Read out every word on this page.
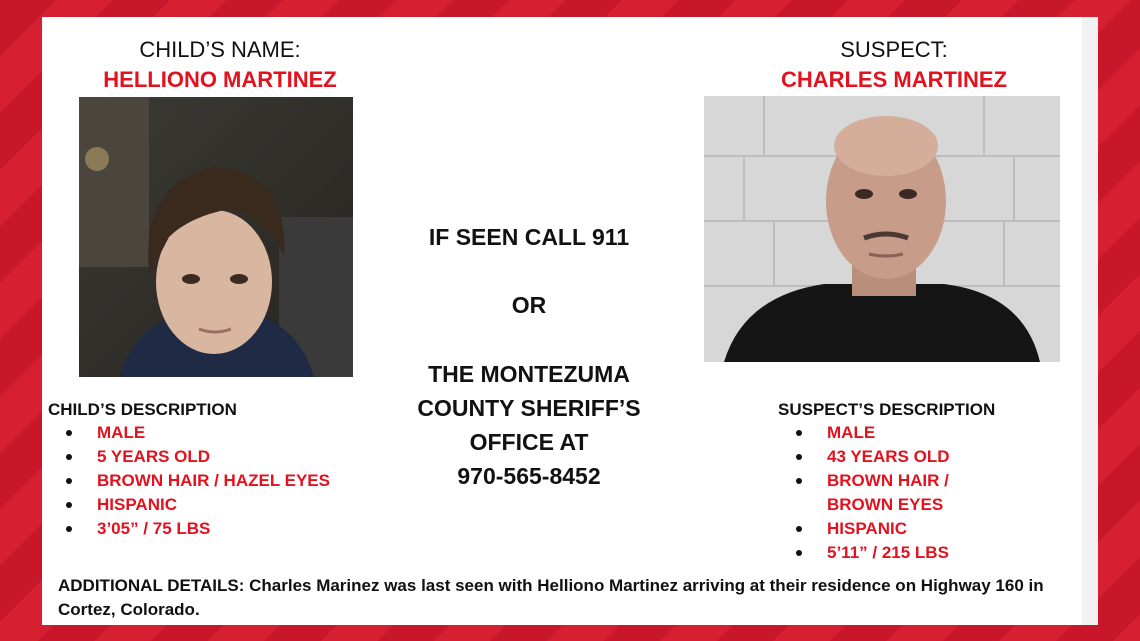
CHILD’S NAME:
HELLIONO MARTINEZ
SUSPECT:
CHARLES MARTINEZ
CHILD’S DESCRIPTION
MALE
5 YEARS OLD
BROWN HAIR / HAZEL EYES
HISPANIC
3’05” / 75 LBS
IF SEEN CALL 911
OR
THE MONTEZUMA
COUNTY SHERIFF’S
OFFICE AT
970-565-8452
SUSPECT’S DESCRIPTION
MALE
43 YEARS OLD
BROWN HAIR /
BROWN EYES
HISPANIC
5’11” / 215 LBS
ADDITIONAL DETAILS: Charles Marinez was last seen with Helliono Martinez arriving at their residence on Highway 160 in Cortez, Colorado.
